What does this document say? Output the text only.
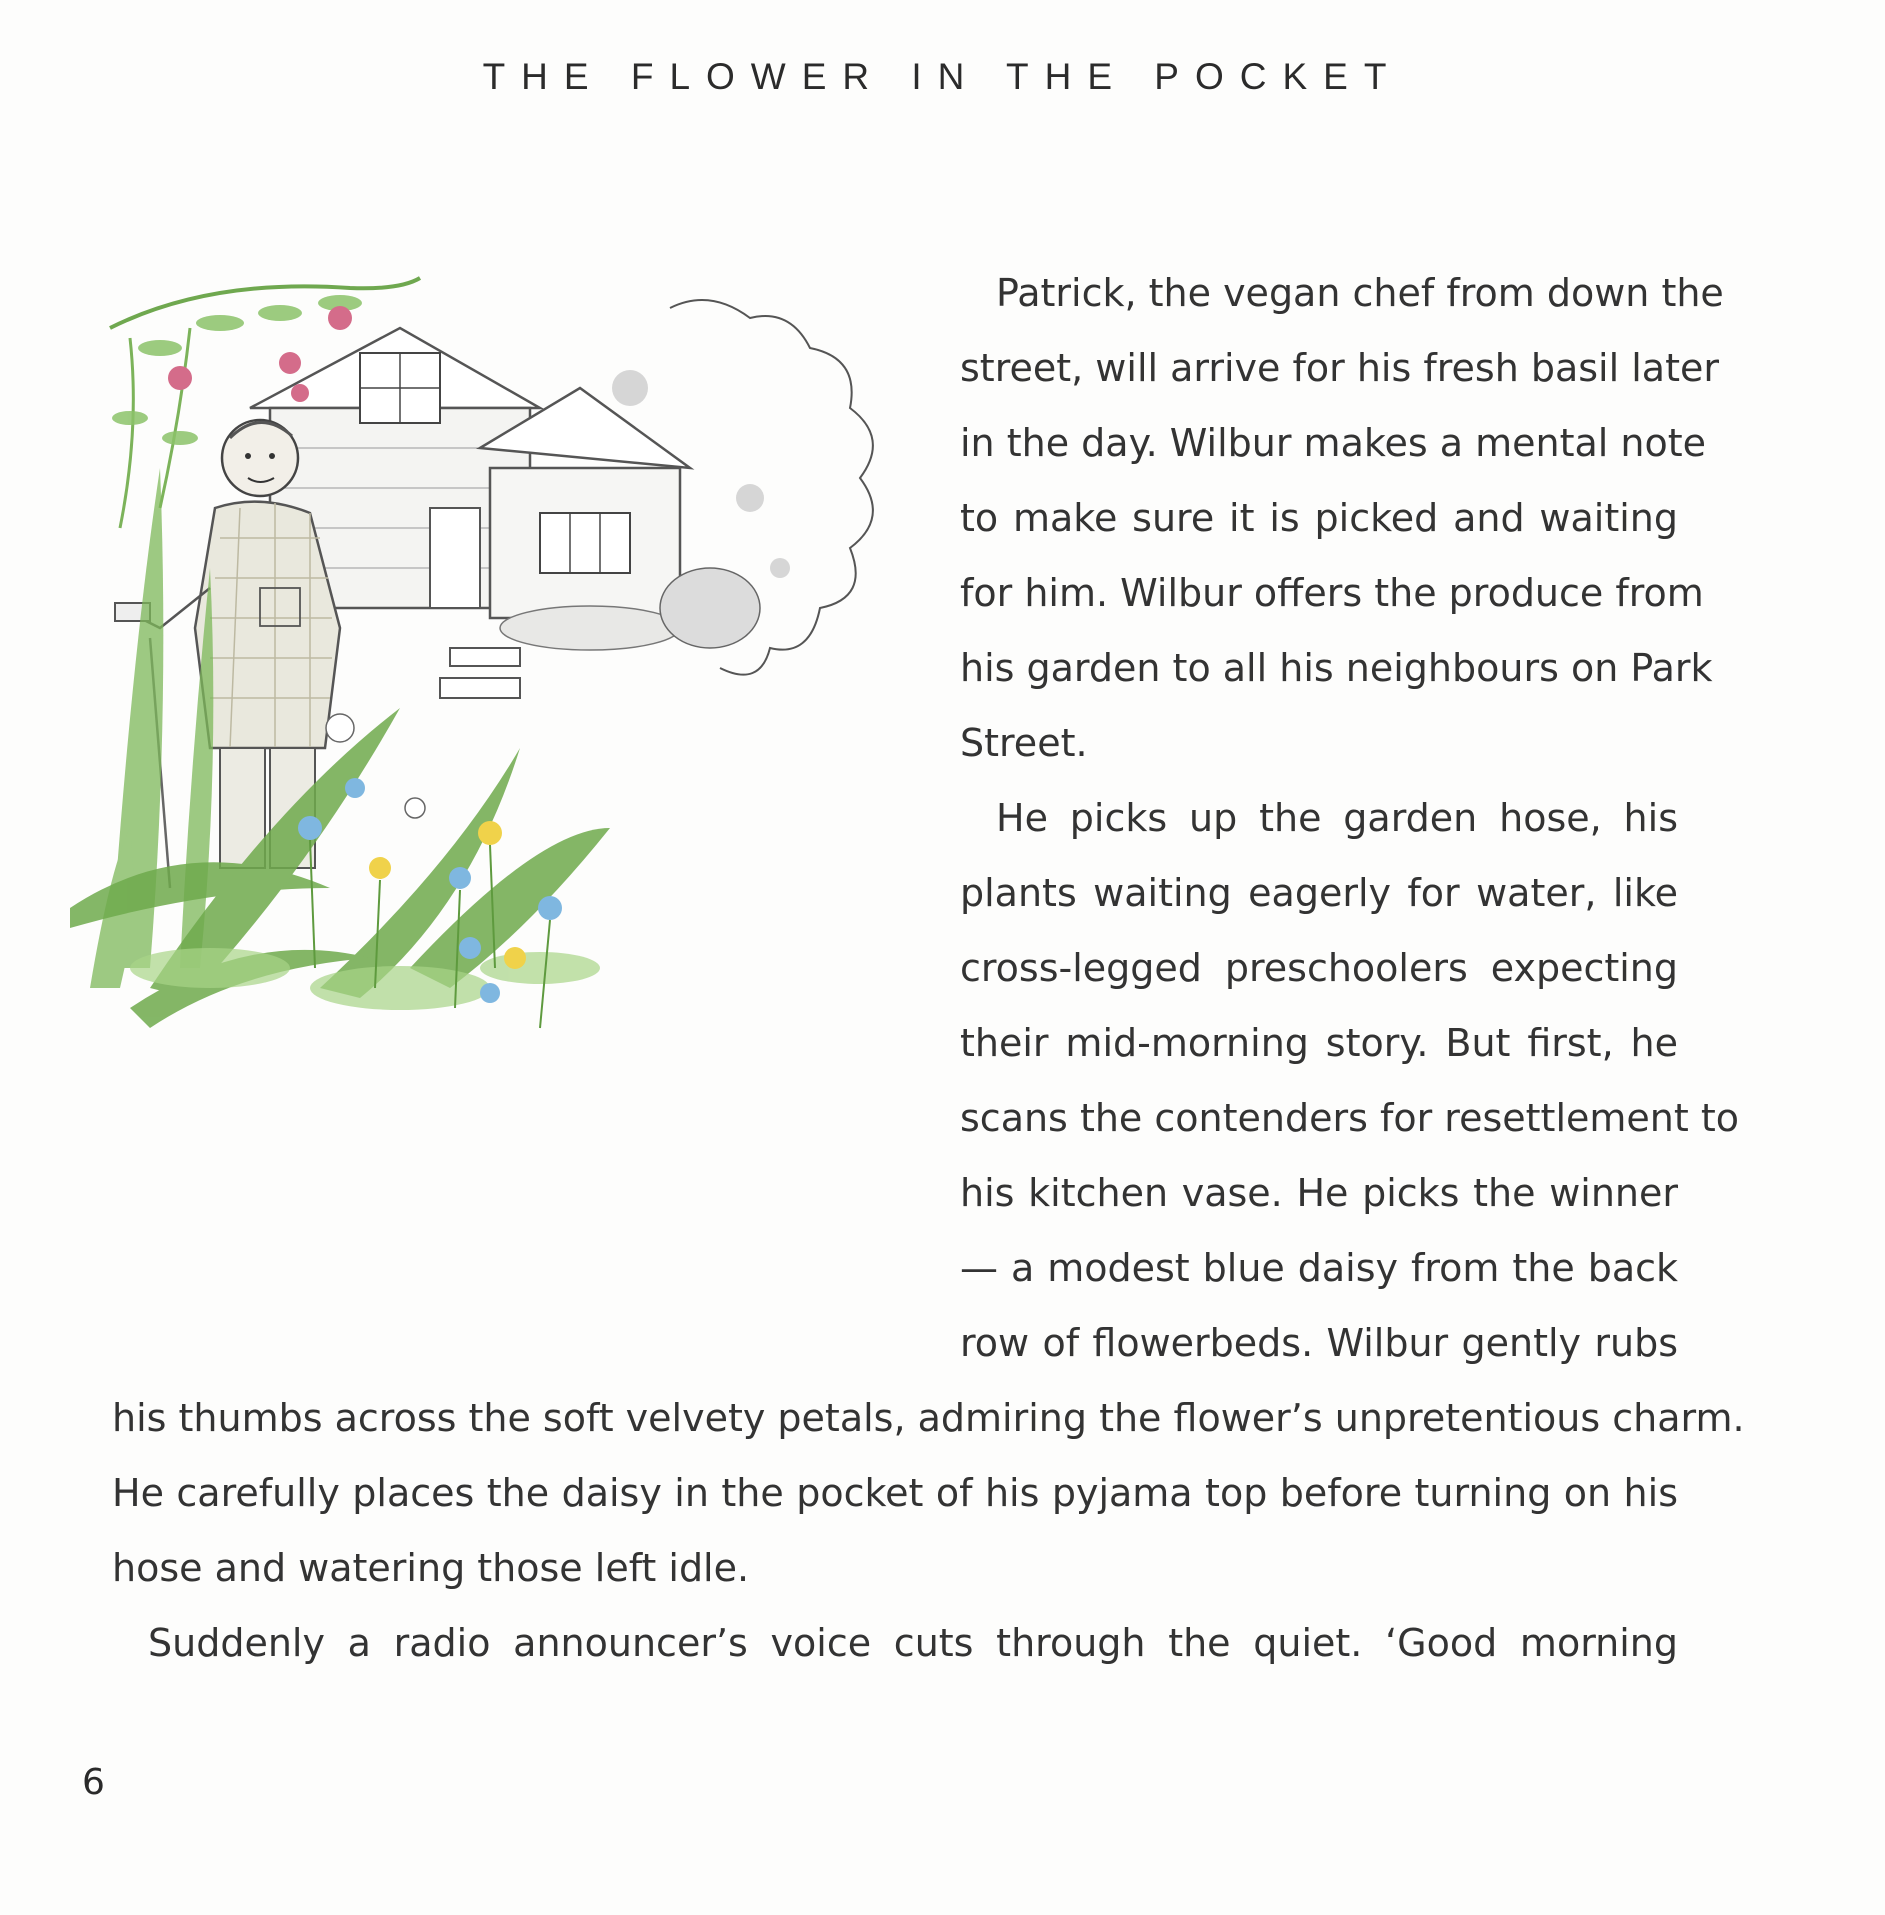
THE FLOWER IN THE POCKET
Patrick, the vegan chef from down the
street, will arrive for his fresh basil later
in the day. Wilbur makes a mental note
to make sure it is picked and waiting
for him. Wilbur offers the produce from
his garden to all his neighbours on Park
Street.
He picks up the garden hose, his
plants waiting eagerly for water, like
cross-legged preschoolers expecting
their mid-morning story. But first, he
scans the contenders for resettlement to
his kitchen vase. He picks the winner
— a modest blue daisy from the back
row of flowerbeds. Wilbur gently rubs
his thumbs across the soft velvety petals, admiring the flower’s unpretentious charm.
He carefully places the daisy in the pocket of his pyjama top before turning on his
hose and watering those left idle.
Suddenly a radio announcer’s voice cuts through the quiet. ‘Good morning
6
